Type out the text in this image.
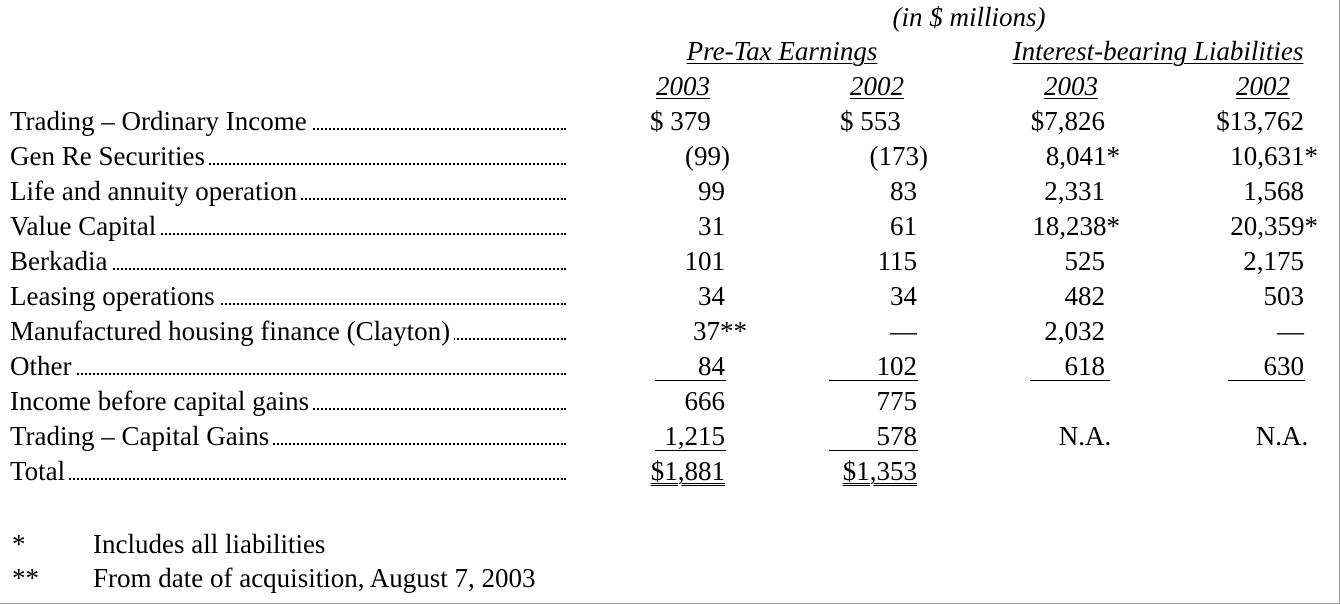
(in $ millions)
Pre-Tax Earnings	Interest-bearing Liabilities
2003	2002	2003	2002
Trading – Ordinary Income	$ 379	$ 553	$7,826	$13,762
Gen Re Securities	(99)	(173)	8,041*	10,631*
Life and annuity operation	99	83	2,331	1,568
Value Capital	31	61	18,238*	20,359*
Berkadia	101	115	525	2,175
Leasing operations	34	34	482	503
Manufactured housing finance (Clayton)	37**	—	2,032	—
Other	84	102	618	630
Income before capital gains	666	775
Trading – Capital Gains	1,215	578	N.A.	N.A.
Total	$1,881	$1,353
*	Includes all liabilities
** From date of acquisition, August 7, 2003
